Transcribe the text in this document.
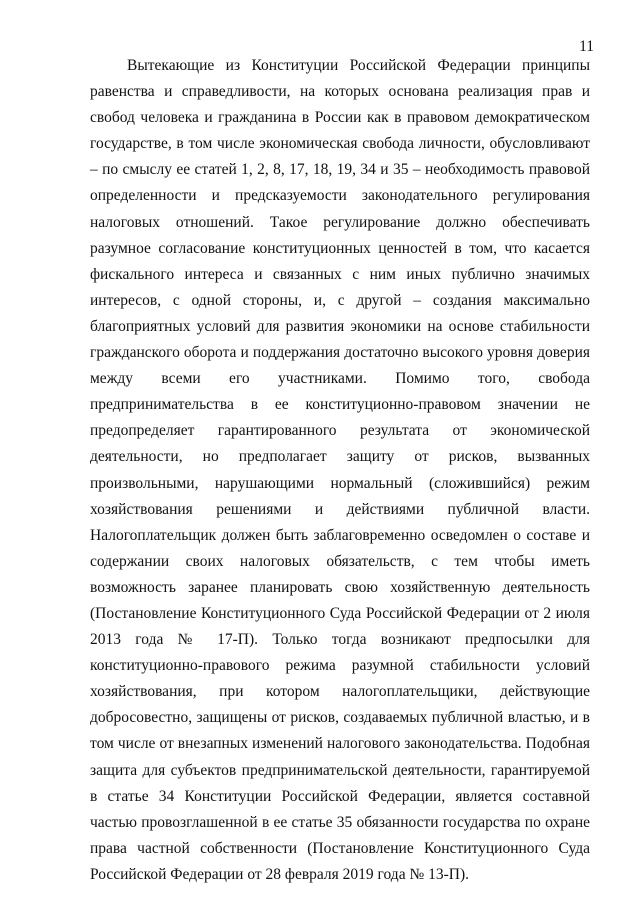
11

Вытекающие из Конституции Российской Федерации принципы равенства и справедливости, на которых основана реализация прав и свобод человека и гражданина в России как в правовом демократическом государстве, в том числе экономическая свобода личности, обусловливают – по смыслу ее статей 1, 2, 8, 17, 18, 19, 34 и 35 – необходимость правовой определенности и предсказуемости законодательного регулирования налоговых отношений. Такое регулирование должно обеспечивать разумное согласование конституционных ценностей в том, что касается фискального интереса и связанных с ним иных публично значимых интересов, с одной стороны, и, с другой – создания максимально благоприятных условий для развития экономики на основе стабильности гражданского оборота и поддержания достаточно высокого уровня доверия между всеми его участниками. Помимо того, свобода предпринимательства в ее конституционно-правовом значении не предопределяет гарантированного результата от экономической деятельности, но предполагает защиту от рисков, вызванных произвольными, нарушающими нормальный (сложившийся) режим хозяйствования решениями и действиями публичной власти. Налогоплательщик должен быть заблаговременно осведомлен о составе и содержании своих налоговых обязательств, с тем чтобы иметь возможность заранее планировать свою хозяйственную деятельность (Постановление Конституционного Суда Российской Федерации от 2 июля 2013 года № 17-П). Только тогда возникают предпосылки для конституционно-правового режима разумной стабильности условий хозяйствования, при котором налогоплательщики, действующие добросовестно, защищены от рисков, создаваемых публичной властью, и в том числе от внезапных изменений налогового законодательства. Подобная защита для субъектов предпринимательской деятельности, гарантируемой в статье 34 Конституции Российской Федерации, является составной частью провозглашенной в ее статье 35 обязанности государства по охране права частной собственности (Постановление Конституционного Суда Российской Федерации от 28 февраля 2019 года № 13-П).
